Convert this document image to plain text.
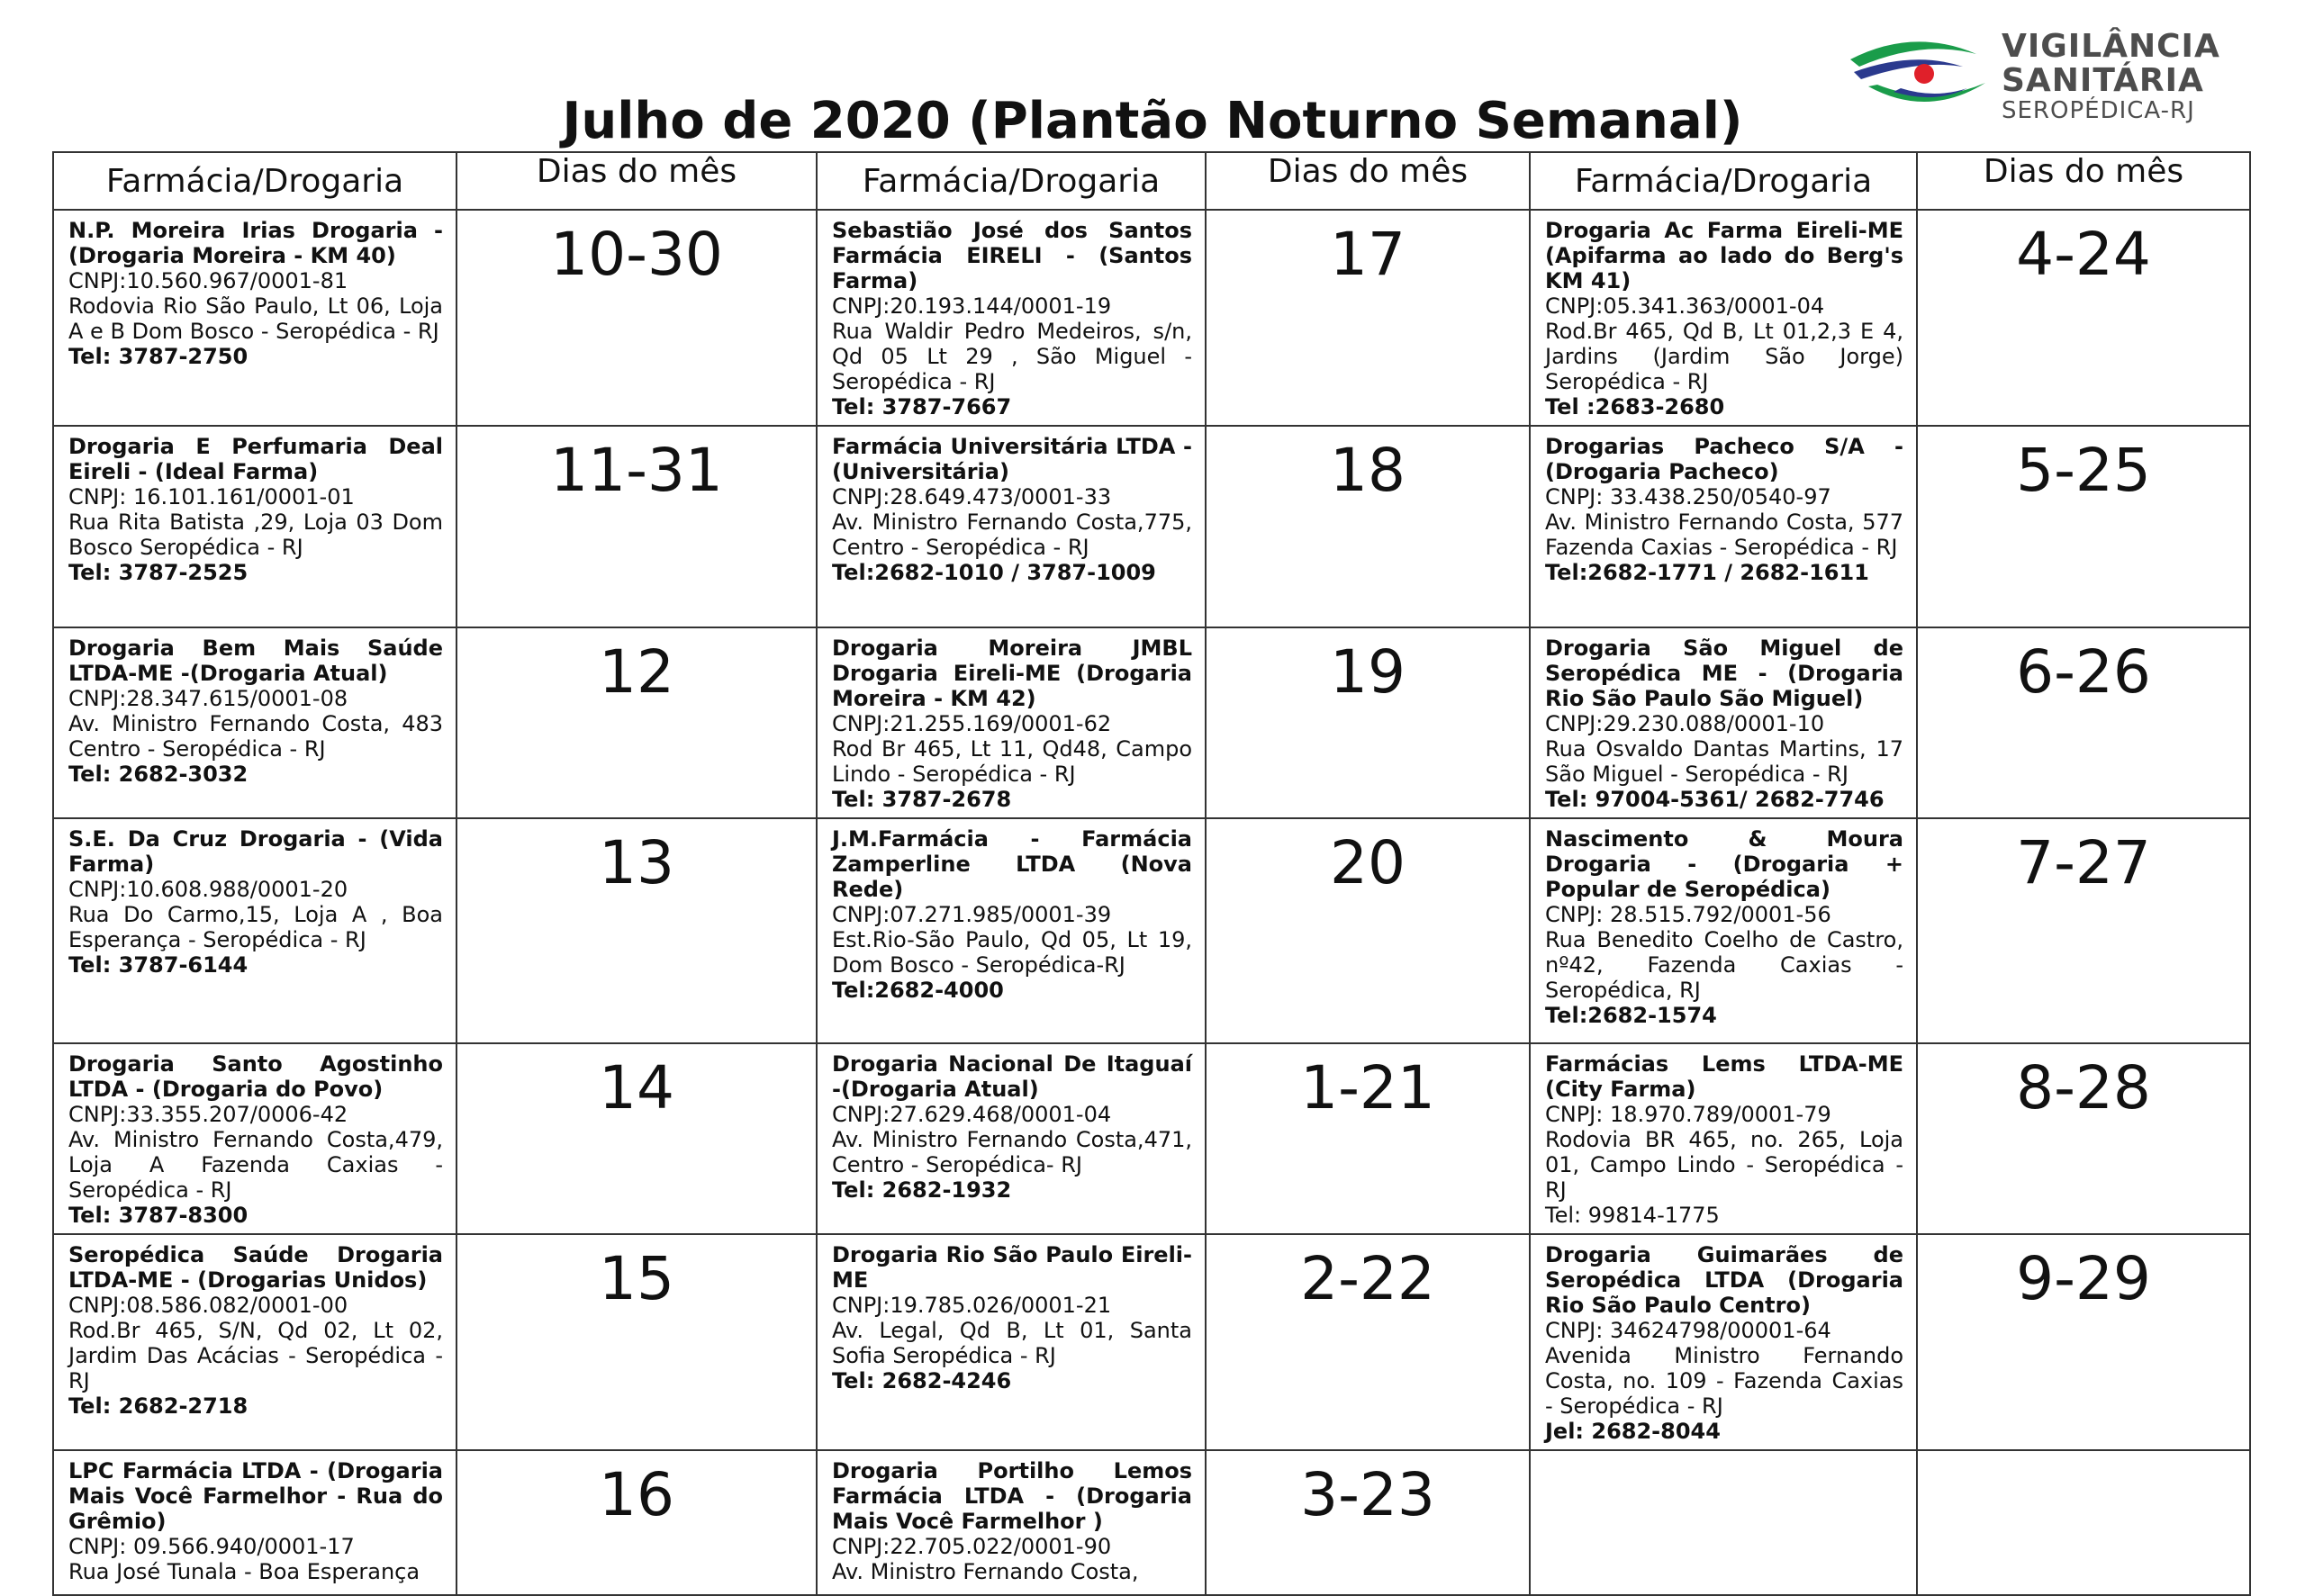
VIGILÂNCIA
SANITÁRIA
SEROPÉDICA-RJ
Julho de 2020 (Plantão Noturno Semanal)
Farmácia/Drogaria	Dias do mês	Farmácia/Drogaria	Dias do mês	Farmácia/Drogaria	Dias do mês

N.P. Moreira Irias Drogaria - (Drogaria Moreira - KM 40)
CNPJ:10.560.967/0001-81
Rodovia Rio São Paulo, Lt 06, Loja A e B Dom Bosco - Seropédica - RJ
Tel: 3787-2750	10-30	Sebastião José dos Santos Farmácia EIRELI - (Santos Farma)
CNPJ:20.193.144/0001-19
Rua Waldir Pedro Medeiros, s/n, Qd 05 Lt 29 , São Miguel - Seropédica - RJ
Tel: 3787-7667	17	Drogaria Ac Farma Eireli-ME (Apifarma ao lado do Berg's KM 41)
CNPJ:05.341.363/0001-04
Rod.Br 465, Qd B, Lt 01,2,3 E 4, Jardins (Jardim São Jorge) Seropédica - RJ
Tel :2683-2680	4-24

Drogaria E Perfumaria Deal Eireli - (Ideal Farma)
CNPJ: 16.101.161/0001-01
Rua Rita Batista ,29, Loja 03 Dom Bosco Seropédica - RJ
Tel: 3787-2525	11-31	Farmácia Universitária LTDA -(Universitária)
CNPJ:28.649.473/0001-33
Av. Ministro Fernando Costa,775, Centro - Seropédica - RJ
Tel:2682-1010 / 3787-1009	18	Drogarias Pacheco S/A - (Drogaria Pacheco)
CNPJ: 33.438.250/0540-97
Av. Ministro Fernando Costa, 577 Fazenda Caxias - Seropédica - RJ
Tel:2682-1771 / 2682-1611	5-25

Drogaria Bem Mais Saúde LTDA-ME -(Drogaria Atual)
CNPJ:28.347.615/0001-08
Av. Ministro Fernando Costa, 483 Centro - Seropédica - RJ
Tel: 2682-3032	12	Drogaria Moreira JMBL Drogaria Eireli-ME (Drogaria Moreira - KM 42)
CNPJ:21.255.169/0001-62
Rod Br 465, Lt 11, Qd48, Campo Lindo - Seropédica - RJ
Tel: 3787-2678	19	Drogaria São Miguel de Seropédica ME - (Drogaria Rio São Paulo São Miguel)
CNPJ:29.230.088/0001-10
Rua Osvaldo Dantas Martins, 17 São Miguel - Seropédica - RJ
Tel: 97004-5361/ 2682-7746	6-26

S.E. Da Cruz Drogaria - (Vida Farma)
CNPJ:10.608.988/0001-20
Rua Do Carmo,15, Loja A , Boa Esperança - Seropédica - RJ
Tel: 3787-6144	13	J.M.Farmácia - Farmácia Zamperline LTDA (Nova Rede)
CNPJ:07.271.985/0001-39
Est.Rio-São Paulo, Qd 05, Lt 19, Dom Bosco - Seropédica-RJ
Tel:2682-4000	20	Nascimento & Moura Drogaria - (Drogaria + Popular de Seropédica)
CNPJ: 28.515.792/0001-56
Rua Benedito Coelho de Castro, nº42, Fazenda Caxias - Seropédica, RJ
Tel:2682-1574	7-27

Drogaria Santo Agostinho LTDA - (Drogaria do Povo)
CNPJ:33.355.207/0006-42
Av. Ministro Fernando Costa,479, Loja A Fazenda Caxias - Seropédica - RJ
Tel: 3787-8300	14	Drogaria Nacional De Itaguaí -(Drogaria Atual)
CNPJ:27.629.468/0001-04
Av. Ministro Fernando Costa,471, Centro - Seropédica- RJ
Tel: 2682-1932	1-21	Farmácias Lems LTDA-ME (City Farma)
CNPJ: 18.970.789/0001-79
Rodovia BR 465, no. 265, Loja 01, Campo Lindo - Seropédica - RJ
Tel: 99814-1775	8-28

Seropédica Saúde Drogaria LTDA-ME - (Drogarias Unidos)
CNPJ:08.586.082/0001-00
Rod.Br 465, S/N, Qd 02, Lt 02, Jardim Das Acácias - Seropédica - RJ
Tel: 2682-2718	15	Drogaria Rio São Paulo Eireli- ME
CNPJ:19.785.026/0001-21
Av. Legal, Qd B, Lt 01, Santa Sofia Seropédica - RJ
Tel: 2682-4246	2-22	Drogaria Guimarães de Seropédica LTDA (Drogaria Rio São Paulo Centro)
CNPJ: 34624798/00001-64
Avenida Ministro Fernando Costa, no. 109 - Fazenda Caxias - Seropédica - RJ
Jel: 2682-8044	9-29

LPC Farmácia LTDA - (Drogaria Mais Você Farmelhor - Rua do Grêmio)
CNPJ: 09.566.940/0001-17
Rua José Tunala - Boa Esperança	16	Drogaria Portilho Lemos Farmácia LTDA - (Drogaria Mais Você Farmelhor )
CNPJ:22.705.022/0001-90
Av. Ministro Fernando Costa,	3-23		
